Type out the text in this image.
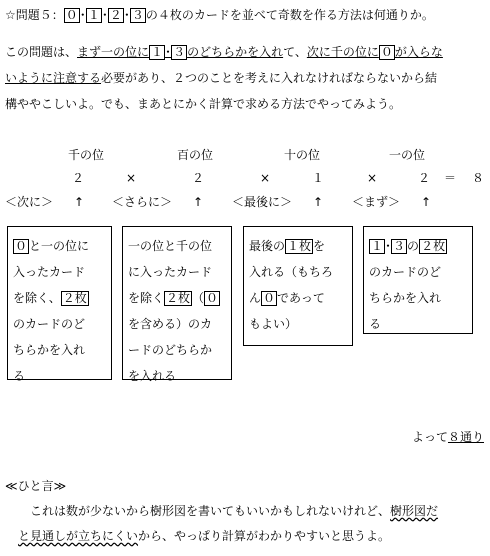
☆問題５： ０ ･ １ ･ ２ ･ ３ の４枚のカードを並べて奇数を作る方法は何通りか。
この問題は、まず一の位に １ ･ ３ のどちらかを入れて、次に千の位に ０ が入らな
いように注意する必要があり、２つのことを考えに入れなければならないから結
構ややこしいよ。でも、まあとにかく計算で求める方法でやってみよう。
千の位	百の位	十の位	一の位
２	×	２	×	１	×	２ ＝ ８
＜次に＞ ↑ ＜さらに＞ ↑ ＜最後に＞ ↑ ＜まず＞ ↑
０ と一の位に
入ったカード
を除く、 ２枚
のカードのど
ちらかを入れ
る
一の位と千の位
に入ったカード
を除く ２枚 （ ０
を含める）のカ
ードのどちらか
を入れる
最後の １枚 を
入れる（もちろ
ん ０ であって
もよい）
１ ･ ３ の ２枚
のカードのど
ちらかを入れ
る
よって８通り
≪ひと言≫
これは数が少ないから樹形図を書いてもいいかもしれないけれど、樹形図だ
と見通しが立ちにくいから、やっぱり計算がわかりやすいと思うよ。
